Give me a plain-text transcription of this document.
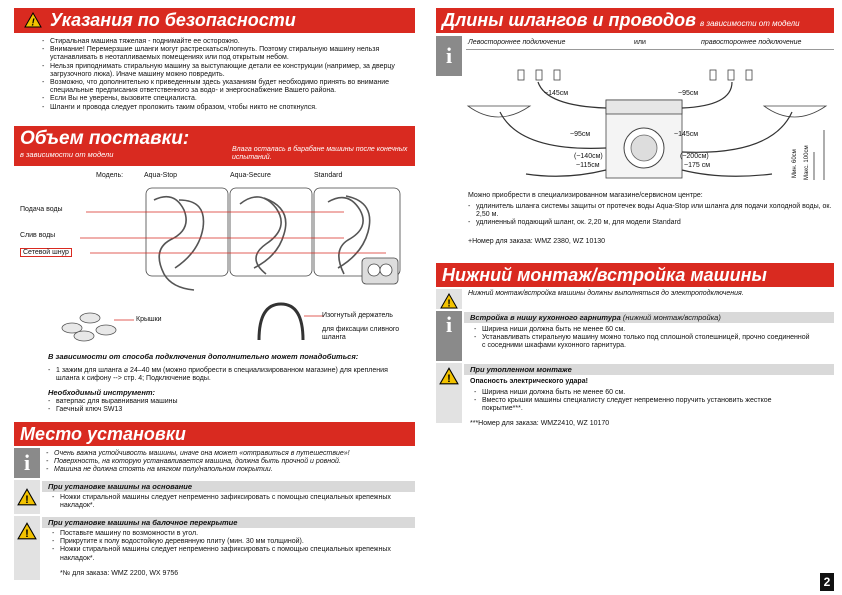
! Указания по безопасности
- Стиральная машина тяжелая - поднимайте ее осторожно.
- Внимание! Перемерзшие шланги могут растрескаться/лопнуть. Поэтому стиральную машину нельзя устанавливать в неотапливаемых помещениях или под открытым небом.
- Нельзя приподнимать стиральную машину за выступающие детали ее конструкции (например, за дверцу загрузочного люка). Иначе машину можно повредить.
- Возможно, что дополнительно к приведенным здесь указаниям будет необходимо принять во внимание специальные предписания ответственного за водо- и энергоснабжение Вашего района.
- Если Вы не уверены, вызовите специалиста.
- Шланги и провода следует проложить таким образом, чтобы никто не споткнулся.
Объем поставки:
в зависимости от модели
Влага осталась в барабане машины после конечных испытаний.
Модель:	Aqua-Stop	Aqua-Secure	Standard
Подача воды
Слив воды
Сетевой шнур
Крышки
Изогнутый держатель
для фиксации сливного шланга
В зависимости от способа подключения дополнительно может понадобиться:
- 1 зажим для шланга ⌀ 24–40 мм (можно приобрести в специализированном магазине) для крепления шланга к сифону --> стр. 4; Подключение воды.
Необходимый инструмент:
- ватерпас для выравнивания машины
- Гаечный ключ SW13
Место установки
i
-	Очень важна устойчивость машины, иначе она может «отправиться в путешествие»!
- Поверхность, на которую устанавливается машина, должна быть прочной и ровной.
- Машина не должна стоять на мягком полу/напольном покрытии.
!
При установке машины на основание
- Ножки стиральной машины следует непременно зафиксировать с помощью специальных крепежных накладок*.
!
При установке машины на балочное перекрытие
- Поставьте машину по возможности в угол.
- Прикрутите к полу водостойкую деревянную плиту (мин. 30 мм толщиной).
- Ножки стиральной машины следует непременно зафиксировать с помощью специальных крепежных накладок*.
*№ для заказа: WMZ 2200, WX 9756
Длины шлангов и проводов в зависимости от модели
i
Левостороннее подключение	или	правостороннее подключение
~145см
~95см
(~140см)
~115см
~95см
~145см
(~200см)
~175 см	Мин. 60см Макс. 100см
Можно приобрести в специализированном магазине/сервисном центре:
- удлинитель шланга системы защиты от протечек воды Aqua-Stop или шланга для подачи холодной воды, ок. 2,50 м.
- удлиненный подающий шланг, ок. 2,20 м, для модели Standard
+Номер для заказа: WMZ 2380, WZ 10130
Нижний монтаж/встройка машины
!
Нижний монтаж/встройка машины должны выполняться до электроподключения.
i	Встройка в нишу кухонного гарнитура (нижний монтаж/встройка)
- Ширина ниши должна быть не менее 60 см.
- Устанавливать стиральную машину можно только под сплошной столешницей, прочно соединенной с соседними шкафами кухонного гарнитура.
!
При утопленном монтаже
Опасность электрического удара!
- Ширина ниши должна быть не менее 60 см.
- Вместо крышки машины специалисту следует непременно поручить установить жесткое покрытие***.
***Номер для заказа: WMZ2410, WZ 10170
2
